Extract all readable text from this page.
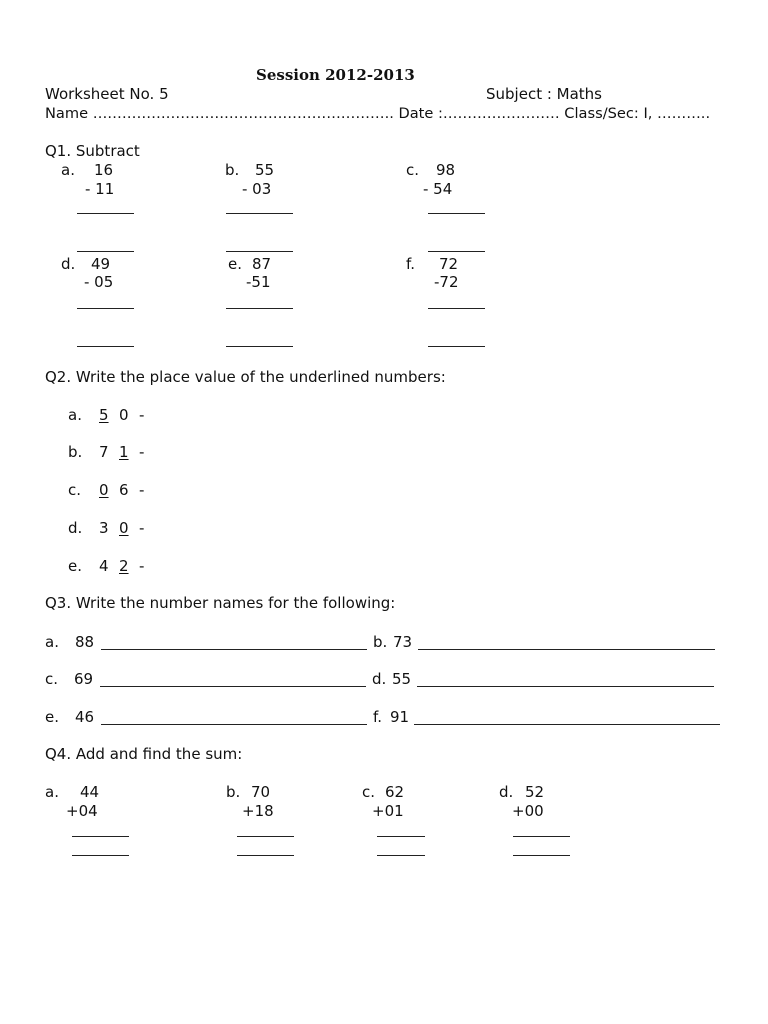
Session 2012-2013
Worksheet No. 5	Subject : Maths
Name …………………………………………………….. Date :…………………… Class/Sec: I, ………..
Q1. Subtract
a. 16
- 11
b. 55
- 03
c. 98
- 54
d. 49
- 05
e. 87
-51
f. 72
-72
Q2. Write the place value of the underlined numbers:
a. 5 0 -
b. 7 1 -
c. 0 6 -
d. 3 0 -
e. 4 2 -
Q3. Write the number names for the following:
a. 88	b. 73
c. 69	d. 55
e. 46	f. 91
Q4. Add and find the sum:
a. 44
+04
b. 70
+18
c. 62
+01
d. 52
+00
